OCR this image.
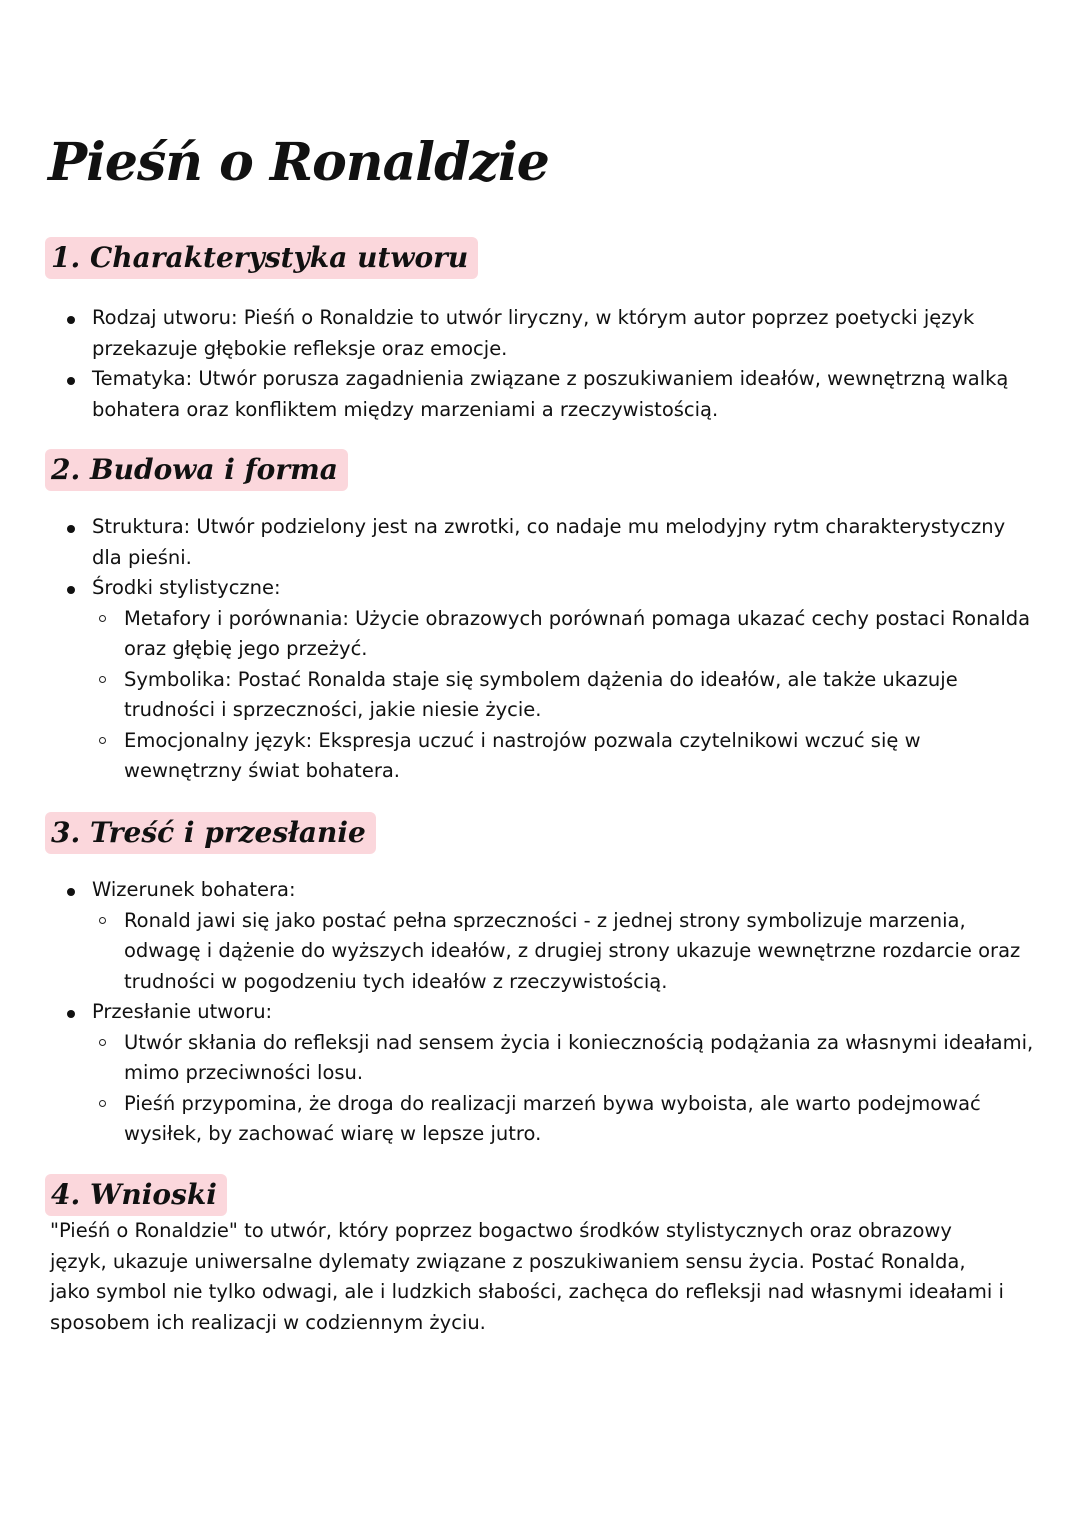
Pieśń o Ronaldzie
1. Charakterystyka utworu
Rodzaj utworu: Pieśń o Ronaldzie to utwór liryczny, w którym autor poprzez poetycki język przekazuje głębokie refleksje oraz emocje.
Tematyka: Utwór porusza zagadnienia związane z poszukiwaniem ideałów, wewnętrzną walką bohatera oraz konfliktem między marzeniami a rzeczywistością.
2. Budowa i forma
Struktura: Utwór podzielony jest na zwrotki, co nadaje mu melodyjny rytm charakterystyczny dla pieśni.
Środki stylistyczne:
Metafory i porównania: Użycie obrazowych porównań pomaga ukazać cechy postaci Ronalda oraz głębię jego przeżyć.
Symbolika: Postać Ronalda staje się symbolem dążenia do ideałów, ale także ukazuje trudności i sprzeczności, jakie niesie życie.
Emocjonalny język: Ekspresja uczuć i nastrojów pozwala czytelnikowi wczuć się w wewnętrzny świat bohatera.
3. Treść i przesłanie
Wizerunek bohatera:
Ronald jawi się jako postać pełna sprzeczności - z jednej strony symbolizuje marzenia, odwagę i dążenie do wyższych ideałów, z drugiej strony ukazuje wewnętrzne rozdarcie oraz trudności w pogodzeniu tych ideałów z rzeczywistością.
Przesłanie utworu:
Utwór skłania do refleksji nad sensem życia i koniecznością podążania za własnymi ideałami, mimo przeciwności losu.
Pieśń przypomina, że droga do realizacji marzeń bywa wyboista, ale warto podejmować wysiłek, by zachować wiarę w lepsze jutro.
4. Wnioski
"Pieśń o Ronaldzie" to utwór, który poprzez bogactwo środków stylistycznych oraz obrazowy język, ukazuje uniwersalne dylematy związane z poszukiwaniem sensu życia. Postać Ronalda, jako symbol nie tylko odwagi, ale i ludzkich słabości, zachęca do refleksji nad własnymi ideałami i sposobem ich realizacji w codziennym życiu.
